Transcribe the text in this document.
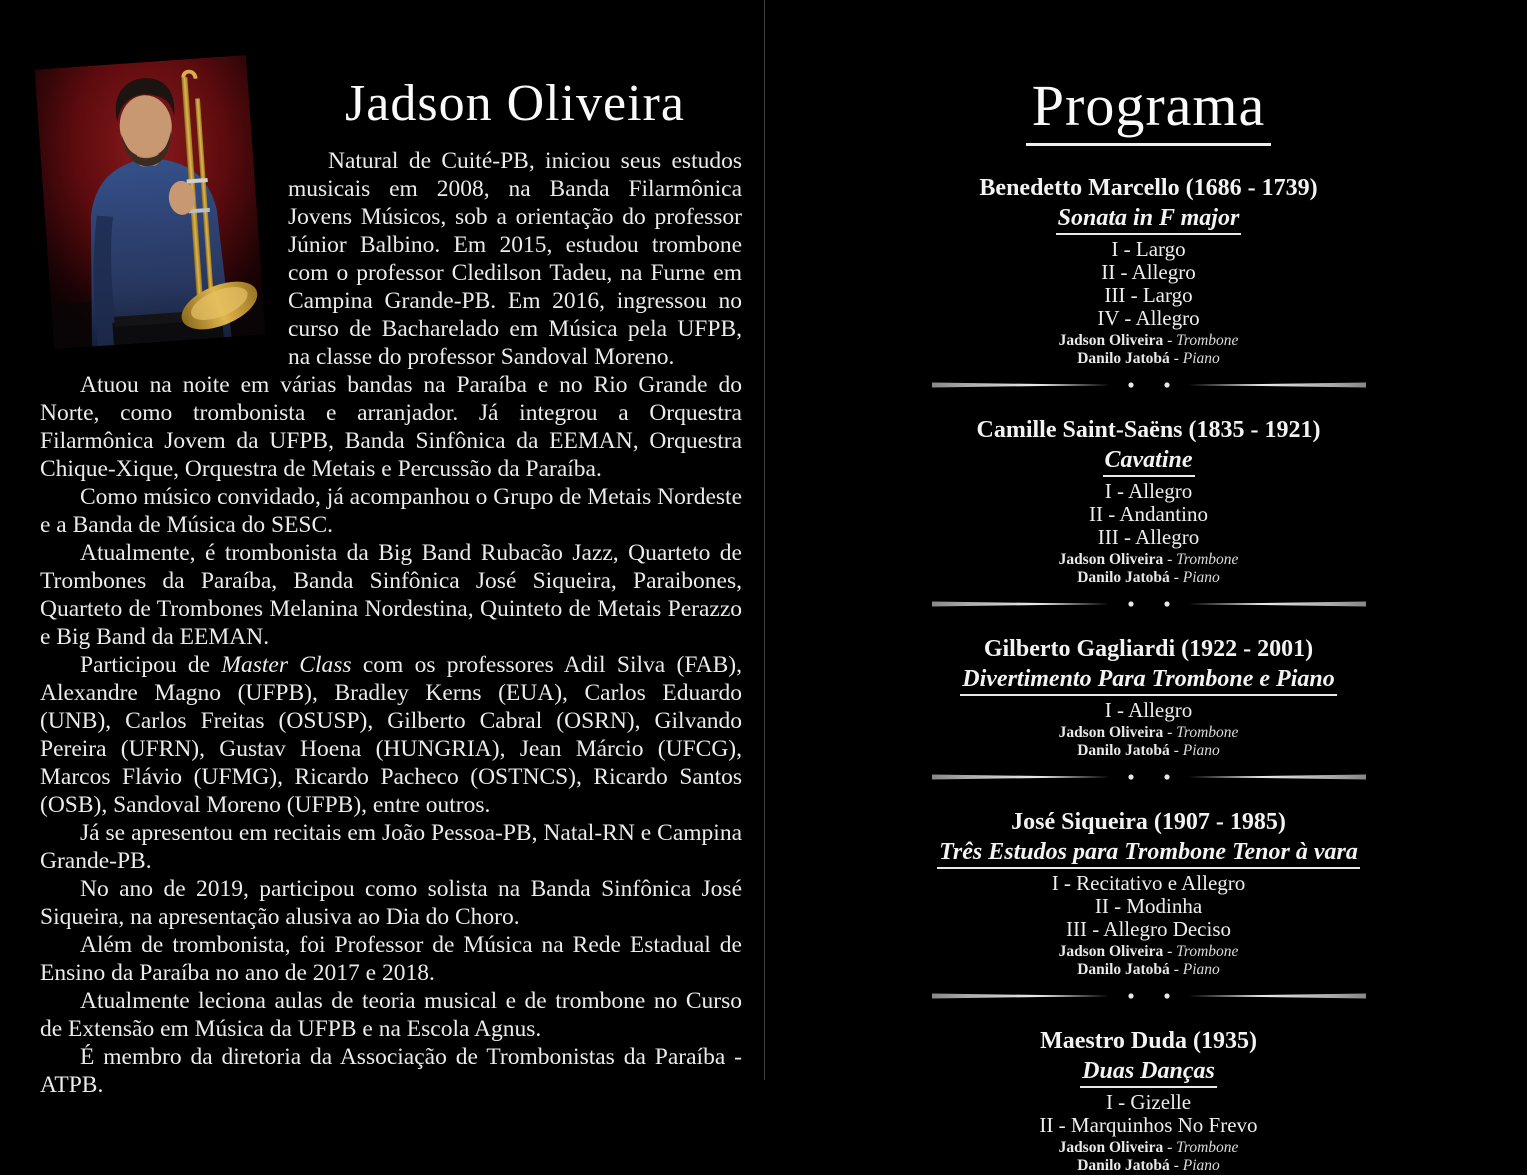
Jadson Oliveira

Natural de Cuité-PB, iniciou seus estudos musicais em 2008, na Banda Filarmônica Jovens Músicos, sob a orientação do professor Júnior Balbino. Em 2015, estudou trombone com o professor Cledilson Tadeu, na Furne em Campina Grande-PB. Em 2016, ingressou no curso de Bacharelado em Música pela UFPB, na classe do professor Sandoval Moreno.

Atuou na noite em várias bandas na Paraíba e no Rio Grande do Norte, como trombonista e arranjador. Já integrou a Orquestra Filarmônica Jovem da UFPB, Banda Sinfônica da EEMAN, Orquestra Chique-Xique, Orquestra de Metais e Percussão da Paraíba.

Como músico convidado, já acompanhou o Grupo de Metais Nordeste e a Banda de Música do SESC.

Atualmente, é trombonista da Big Band Rubacão Jazz, Quarteto de Trombones da Paraíba, Banda Sinfônica José Siqueira, Paraibones, Quarteto de Trombones Melanina Nordestina, Quinteto de Metais Perazzo e Big Band da EEMAN.

Participou de Master Class com os professores Adil Silva (FAB), Alexandre Magno (UFPB), Bradley Kerns (EUA), Carlos Eduardo (UNB), Carlos Freitas (OSUSP), Gilberto Cabral (OSRN), Gilvando Pereira (UFRN), Gustav Hoena (HUNGRIA), Jean Márcio (UFCG), Marcos Flávio (UFMG), Ricardo Pacheco (OSTNCS), Ricardo Santos (OSB), Sandoval Moreno (UFPB), entre outros.

Já se apresentou em recitais em João Pessoa-PB, Natal-RN e Campina Grande-PB.

No ano de 2019, participou como solista na Banda Sinfônica José Siqueira, na apresentação alusiva ao Dia do Choro.

Além de trombonista, foi Professor de Música na Rede Estadual de Ensino da Paraíba no ano de 2017 e 2018.

Atualmente leciona aulas de teoria musical e de trombone no Curso de Extensão em Música da UFPB e na Escola Agnus.

É membro da diretoria da Associação de Trombonistas da Paraíba - ATPB.

Programa
Benedetto Marcello (1686 - 1739)
Sonata in F major
I - Largo
II - Allegro
III - Largo
IV - Allegro
Jadson Oliveira - Trombone
Danilo Jatobá - Piano
Camille Saint-Saëns (1835 - 1921)
Cavatine
I - Allegro
II - Andantino
III - Allegro
Jadson Oliveira - Trombone
Danilo Jatobá - Piano
Gilberto Gagliardi (1922 - 2001)
Divertimento Para Trombone e Piano
I - Allegro
Jadson Oliveira - Trombone
Danilo Jatobá - Piano
José Siqueira (1907 - 1985)
Três Estudos para Trombone Tenor à vara
I - Recitativo e Allegro
II - Modinha
III - Allegro Deciso
Jadson Oliveira - Trombone
Danilo Jatobá - Piano
Maestro Duda (1935)
Duas Danças
I - Gizelle
II - Marquinhos No Frevo
Jadson Oliveira - Trombone
Danilo Jatobá - Piano
